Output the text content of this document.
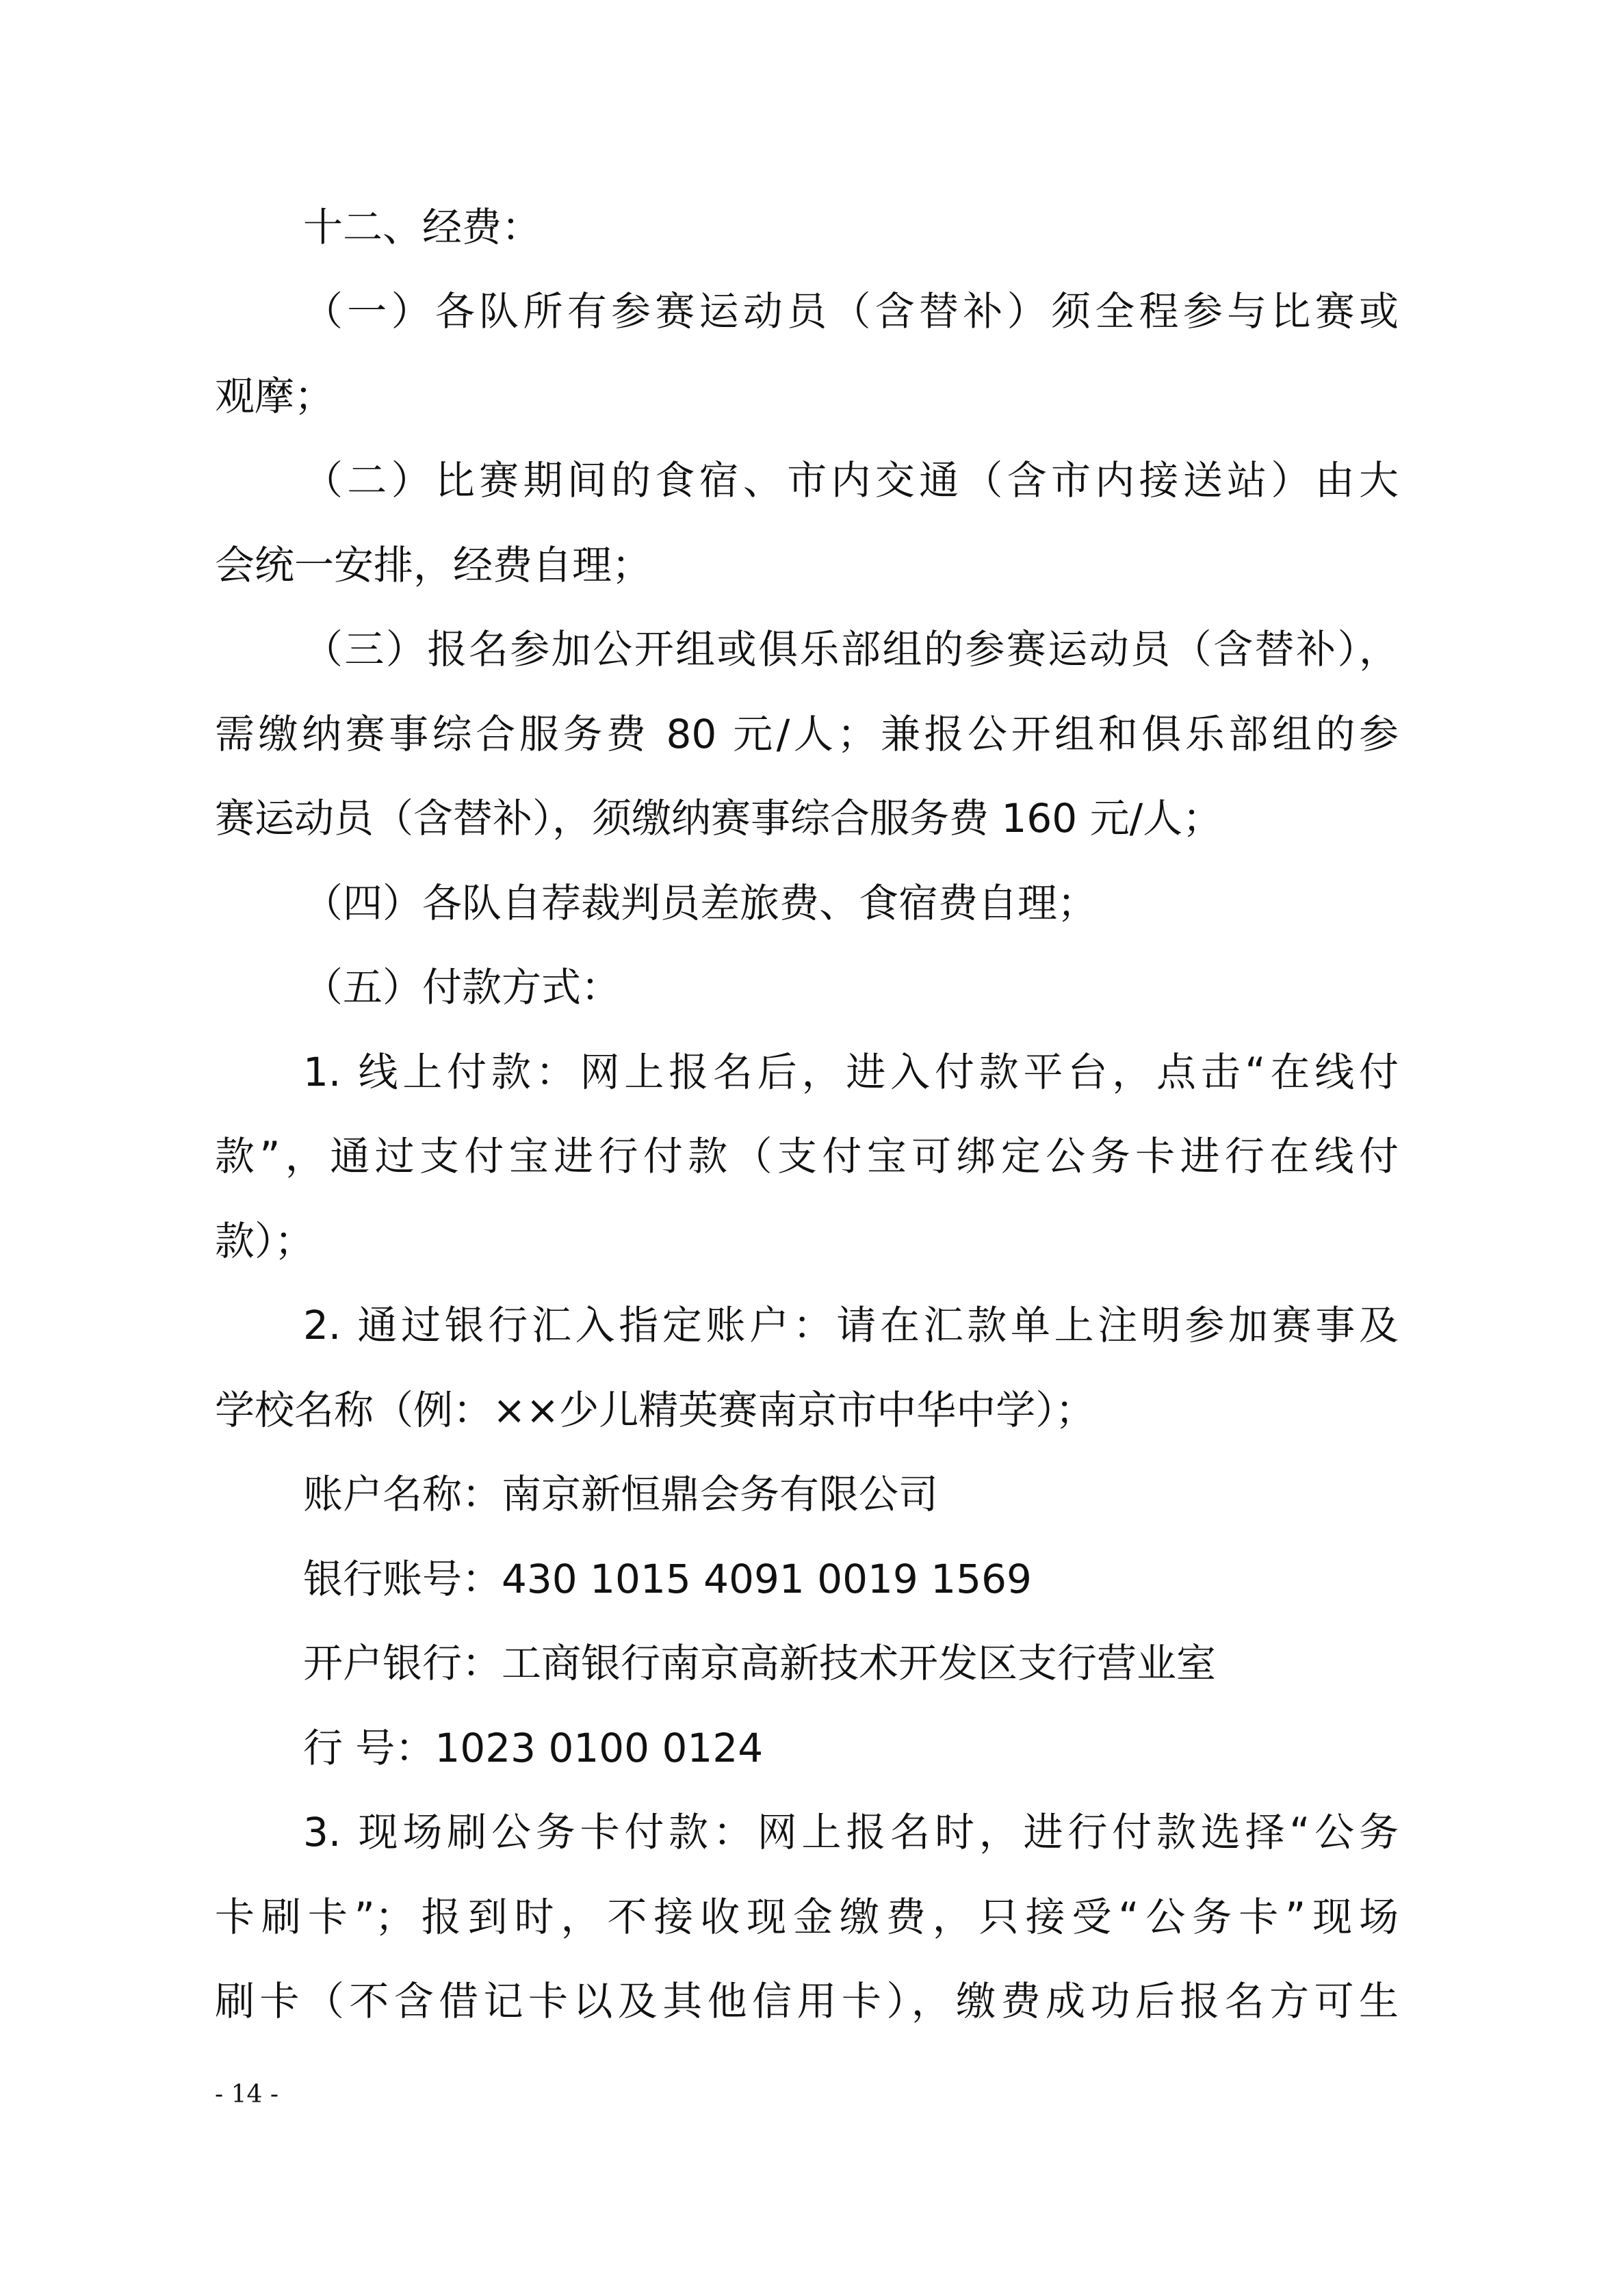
十二、经费：
（一）各队所有参赛运动员（含替补）须全程参与比赛或
观摩；
（二）比赛期间的食宿、市内交通（含市内接送站）由大
会统一安排，经费自理；
（三）报名参加公开组或俱乐部组的参赛运动员（含替补），
需缴纳赛事综合服务费 80 元/人；兼报公开组和俱乐部组的参
赛运动员（含替补），须缴纳赛事综合服务费 160 元/人；
（四）各队自荐裁判员差旅费、食宿费自理；
（五）付款方式：
1. 线上付款：网上报名后，进入付款平台，点击“在线付
款”，通过支付宝进行付款（支付宝可绑定公务卡进行在线付
款）；
2. 通过银行汇入指定账户：请在汇款单上注明参加赛事及
学校名称（例：××少儿精英赛南京市中华中学）；
账户名称：南京新恒鼎会务有限公司
银行账号：430 1015 4091 0019 1569
开户银行：工商银行南京高新技术开发区支行营业室
行 号：1023 0100 0124
3. 现场刷公务卡付款：网上报名时，进行付款选择“公务
卡刷卡”；报到时，不接收现金缴费，只接受“公务卡”现场
刷卡（不含借记卡以及其他信用卡），缴费成功后报名方可生
- 14 -
